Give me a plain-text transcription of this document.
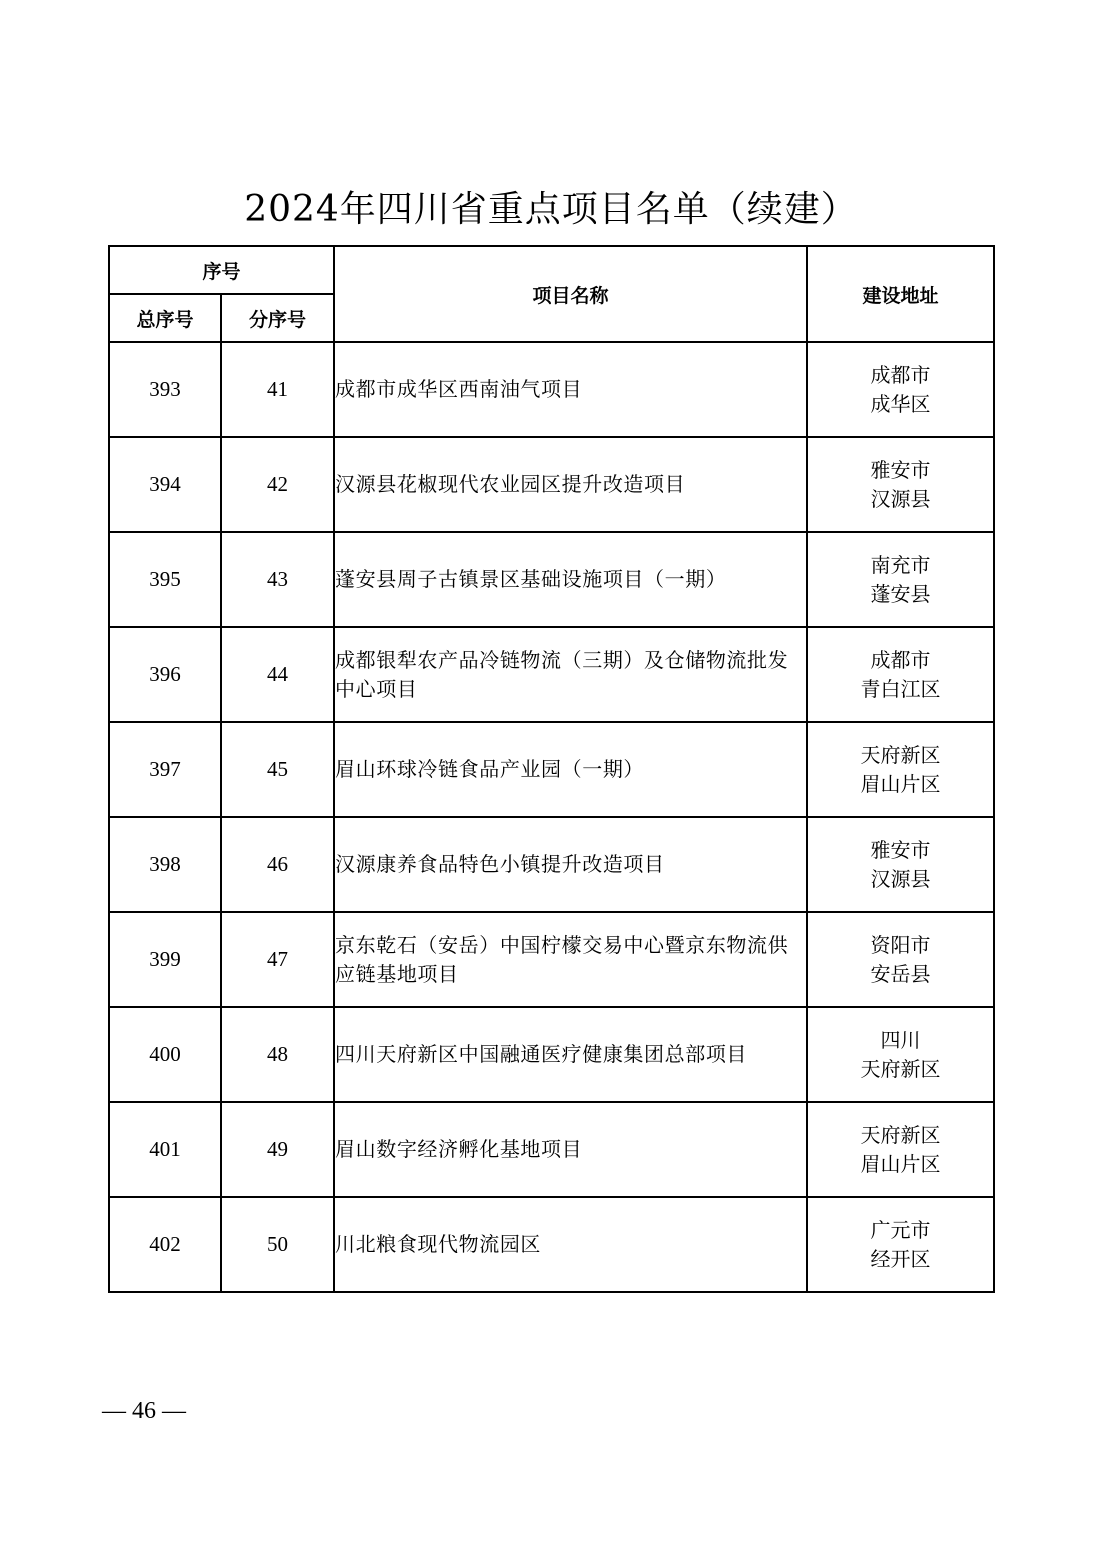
2024年四川省重点项目名单（续建）
序号		项目名称	建设地址
总序号	分序号		
393	41	成都市成华区西南油气项目	成都市
成华区

394	42	汉源县花椒现代农业园区提升改造项目	雅安市
汉源县

395	43	蓬安县周子古镇景区基础设施项目（一期）	南充市
蓬安县

396	44	成都银犁农产品冷链物流（三期）及仓储物流批发中心项目	成都市
青白江区

397	45	眉山环球冷链食品产业园（一期）	天府新区
眉山片区

398	46	汉源康养食品特色小镇提升改造项目	雅安市
汉源县

399	47	京东乾石（安岳）中国柠檬交易中心暨京东物流供应链基地项目	资阳市
安岳县

400	48	四川天府新区中国融通医疗健康集团总部项目	四川
天府新区

401	49	眉山数字经济孵化基地项目	天府新区
眉山片区

402	50	川北粮食现代物流园区	广元市
经开区
— 46 —
